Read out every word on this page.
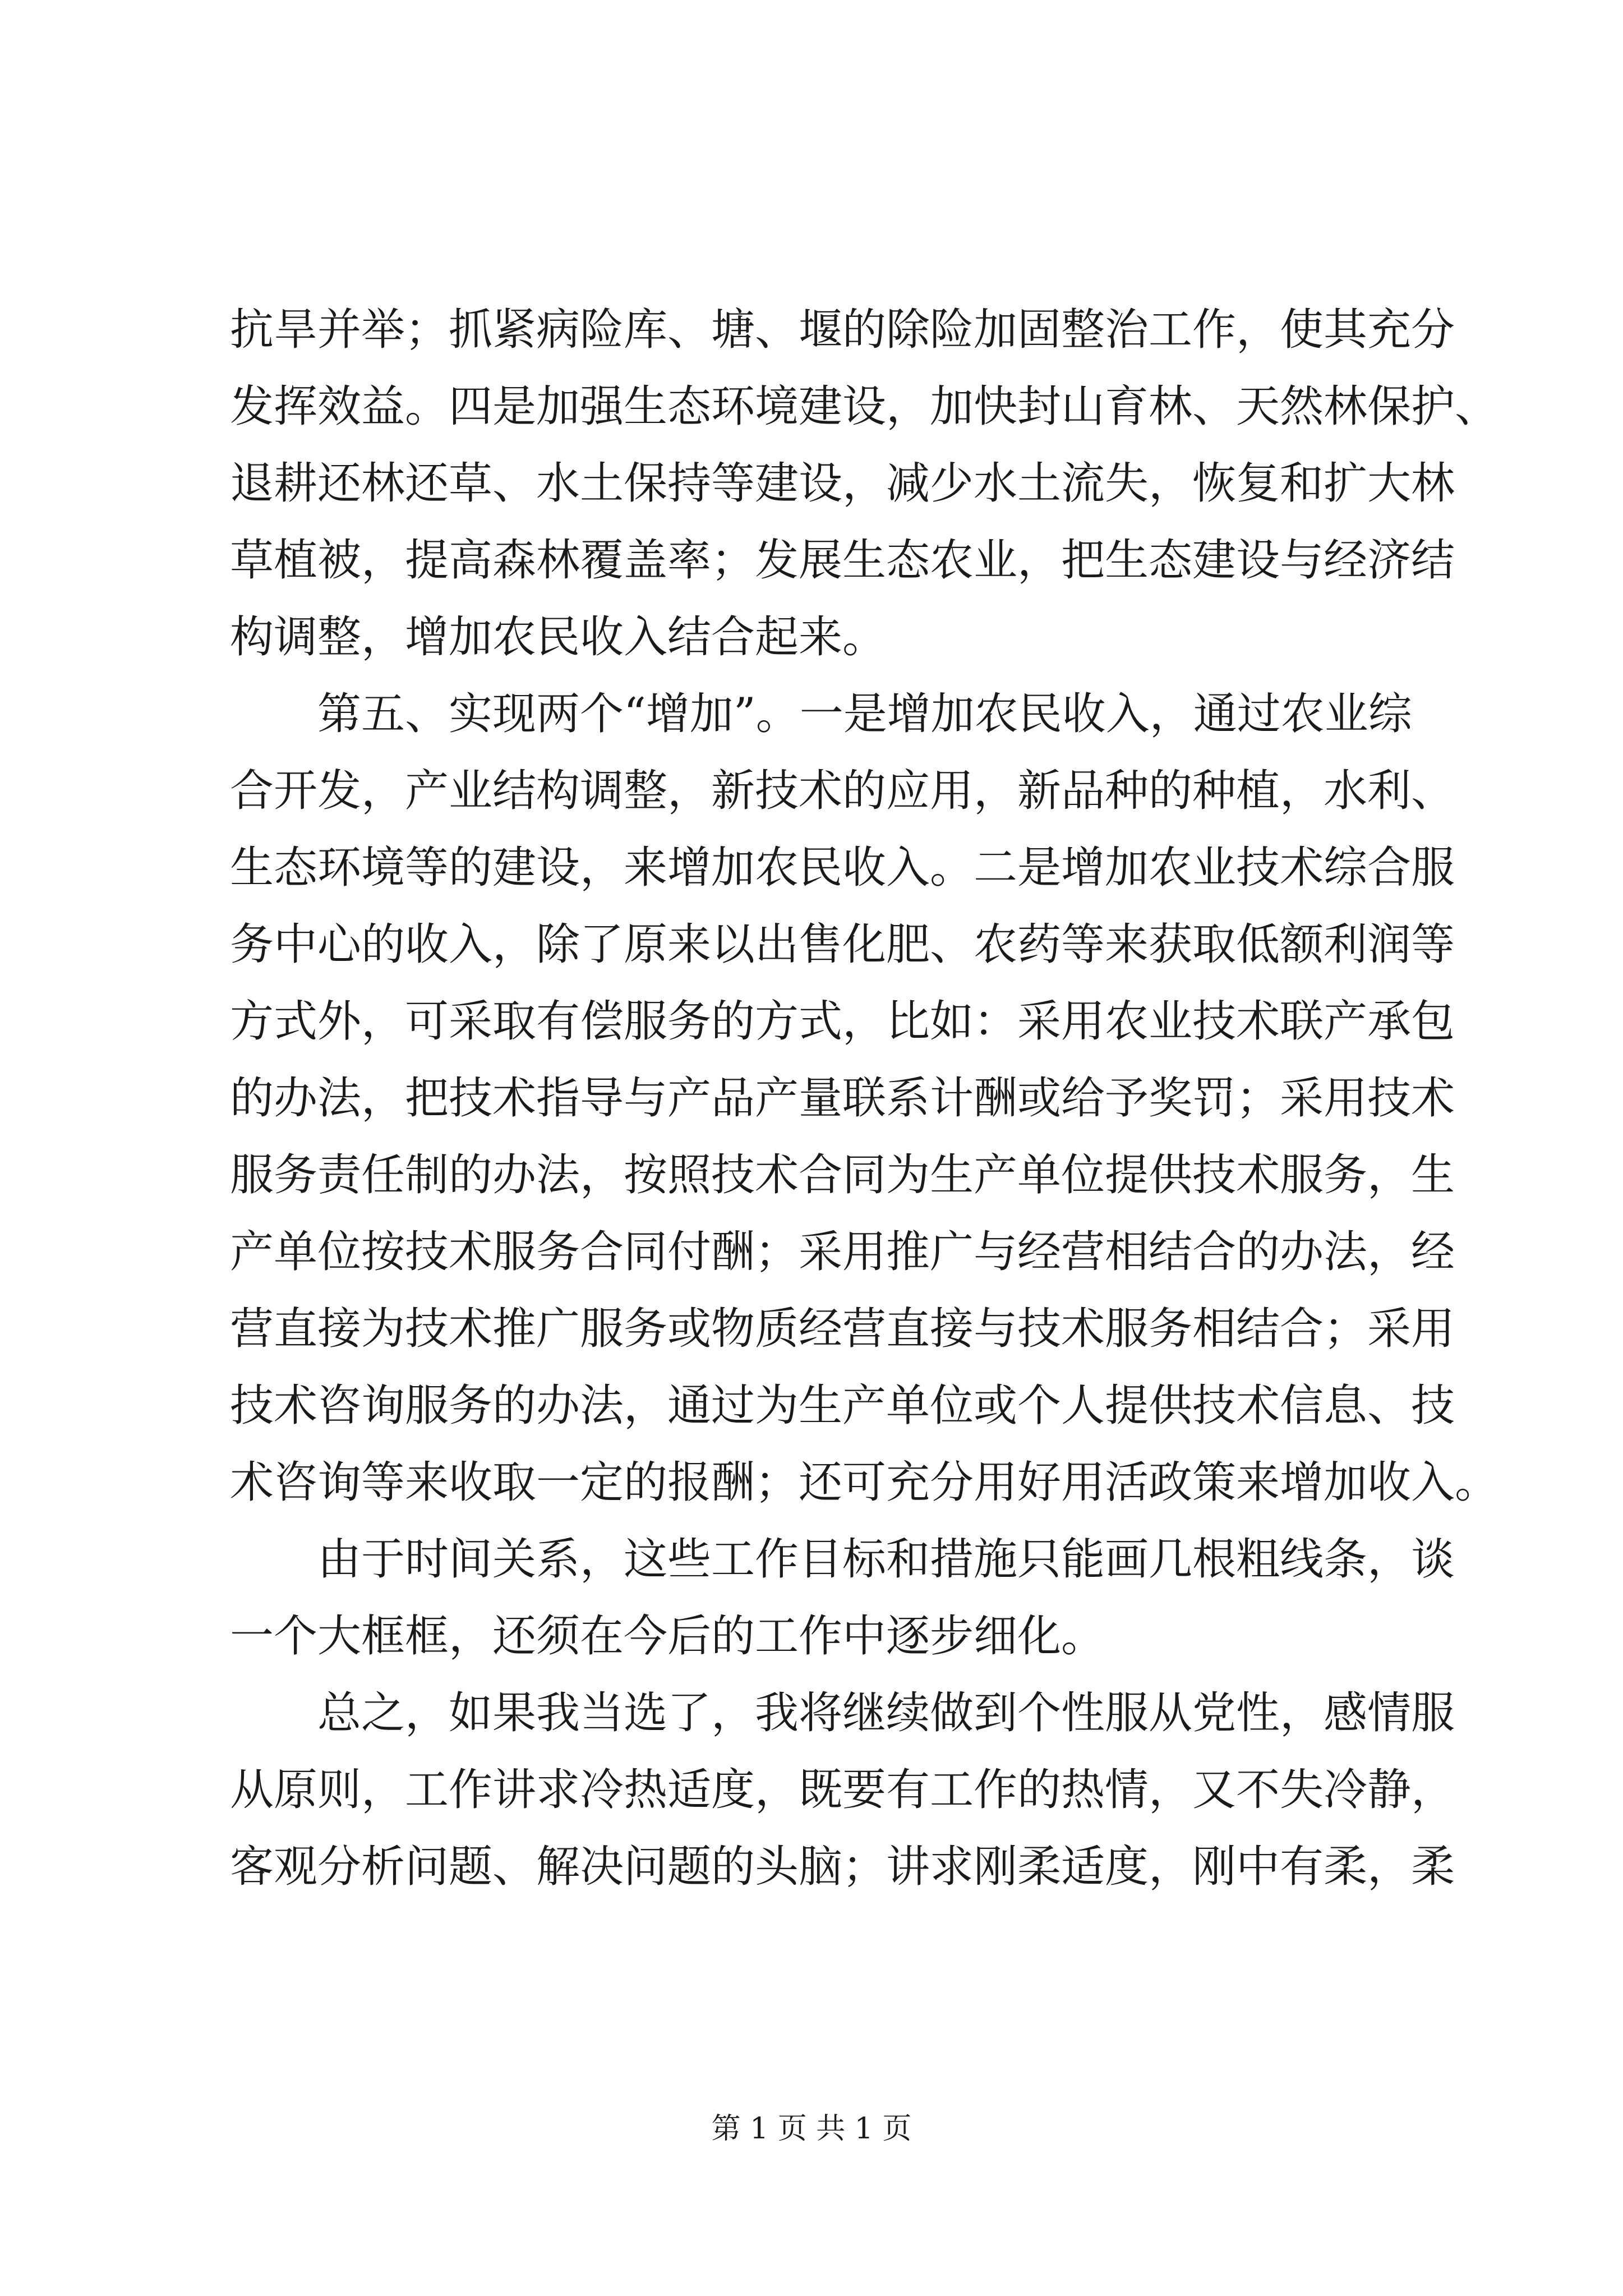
抗旱并举；抓紧病险库、塘、堰的除险加固整治工作，使其充分
发挥效益。四是加强生态环境建设，加快封山育林、天然林保护、
退耕还林还草、水土保持等建设，减少水土流失，恢复和扩大林
草植被，提高森林覆盖率；发展生态农业，把生态建设与经济结
构调整，增加农民收入结合起来。
　　第五、实现两个“增加”。一是增加农民收入，通过农业综
合开发，产业结构调整，新技术的应用，新品种的种植，水利、
生态环境等的建设，来增加农民收入。二是增加农业技术综合服
务中心的收入，除了原来以出售化肥、农药等来获取低额利润等
方式外，可采取有偿服务的方式，比如：采用农业技术联产承包
的办法，把技术指导与产品产量联系计酬或给予奖罚；采用技术
服务责任制的办法，按照技术合同为生产单位提供技术服务，生
产单位按技术服务合同付酬；采用推广与经营相结合的办法，经
营直接为技术推广服务或物质经营直接与技术服务相结合；采用
技术咨询服务的办法，通过为生产单位或个人提供技术信息、技
术咨询等来收取一定的报酬；还可充分用好用活政策来增加收入。
　　由于时间关系，这些工作目标和措施只能画几根粗线条，谈
一个大框框，还须在今后的工作中逐步细化。
　　总之，如果我当选了，我将继续做到个性服从党性，感情服
从原则，工作讲求冷热适度，既要有工作的热情，又不失冷静，
客观分析问题、解决问题的头脑；讲求刚柔适度，刚中有柔，柔
第 1 页 共 1 页
